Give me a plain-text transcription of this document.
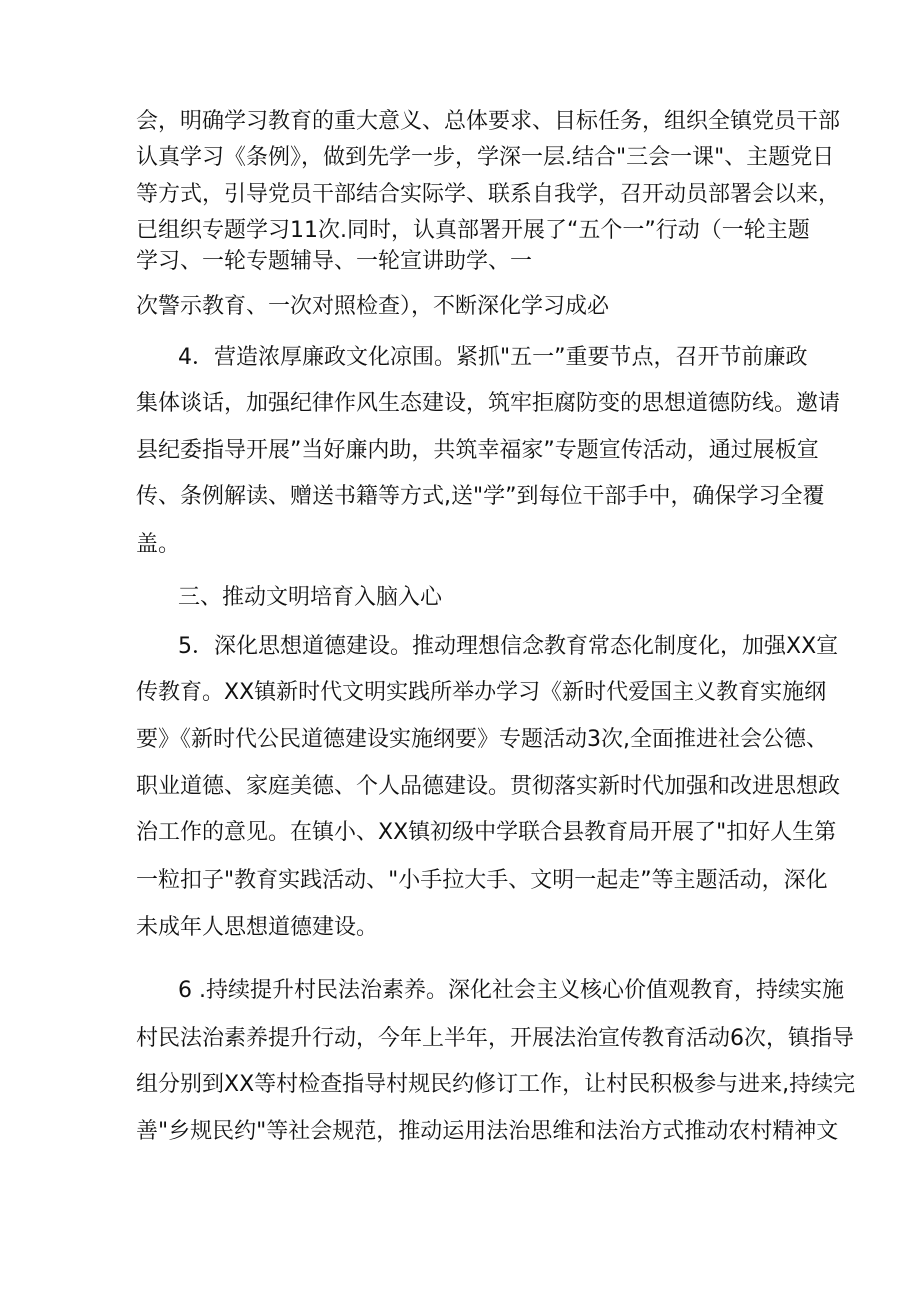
会，明确学习教育的重大意义、总体要求、目标任务，组织全镇党员干部
认真学习《条例》，做到先学一步，学深一层.结合"三会一课"、主题党日
等方式，引导党员干部结合实际学、联系自我学，召开动员部署会以来，
已组织专题学习11次.同时，认真部署开展了“五个一”行动（一轮主题
学习、一轮专题辅导、一轮宣讲助学、一
次警示教育、一次对照检查），不断深化学习成必
4．营造浓厚廉政文化凉围。紧抓"五一”重要节点，召开节前廉政
集体谈话，加强纪律作风生态建设，筑牢拒腐防变的思想道德防线。邀请
县纪委指导开展”当好廉内助，共筑幸福家”专题宣传活动，通过展板宣
传、条例解读、赠送书籍等方式,送"学”到每位干部手中，确保学习全覆
盖。
三、推动文明培育入脑入心
5．深化思想道德建设。推动理想信念教育常态化制度化，加强XX宣
传教育。XX镇新时代文明实践所举办学习《新时代爱国主义教育实施纲
要》《新时代公民道德建设实施纲要》专题活动3次,全面推进社会公德、
职业道德、家庭美德、个人品德建设。贯彻落实新时代加强和改进思想政
治工作的意见。在镇小、XX镇初级中学联合县教育局开展了"扣好人生第
一粒扣子"教育实践活动、"小手拉大手、文明一起走”等主题活动，深化
未成年人思想道德建设。
6 .持续提升村民法治素养。深化社会主义核心价值观教育，持续实施
村民法治素养提升行动，今年上半年，开展法治宣传教育活动6次，镇指导
组分别到XX等村检查指导村规民约修订工作，让村民积极参与进来,持续完
善"乡规民约"等社会规范，推动运用法治思维和法治方式推动农村精神文
